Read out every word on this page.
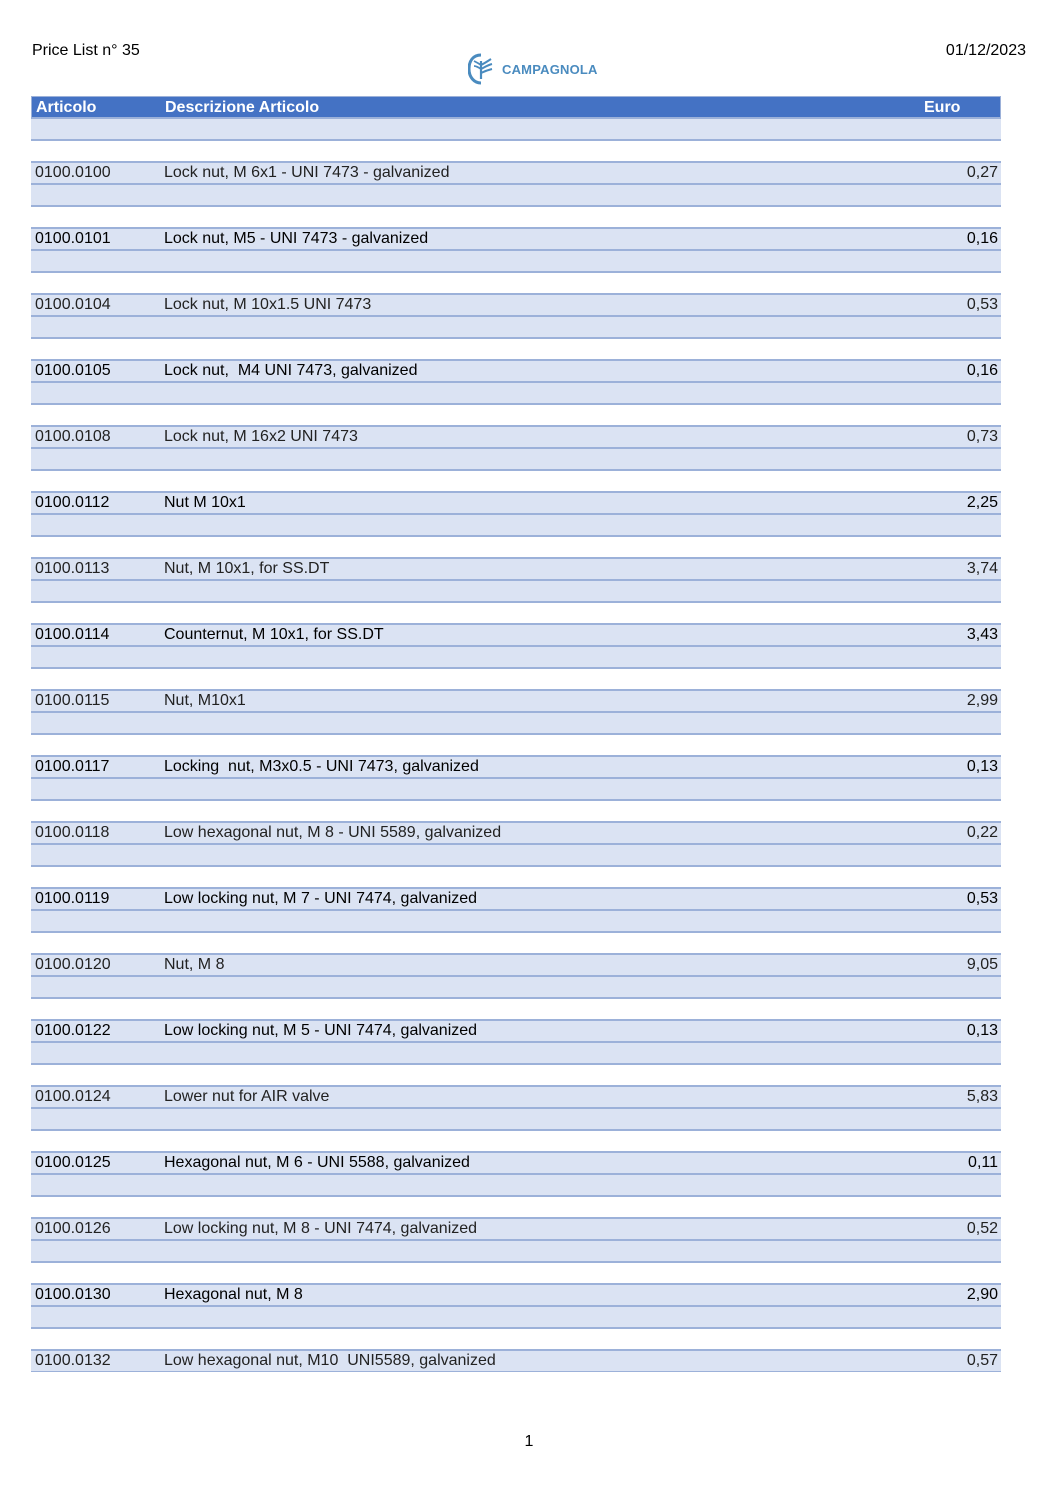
Price List n° 35	01/12/2023
CAMPAGNOLA
Articolo	Descrizione Articolo	Euro
0100.0100	Lock nut, M 6x1 - UNI 7473 - galvanized	0,27
0100.0101	Lock nut, M5 - UNI 7473 - galvanized	0,16
0100.0104	Lock nut, M 10x1.5 UNI 7473	0,53
0100.0105	Lock nut,  M4 UNI 7473, galvanized	0,16
0100.0108	Lock nut, M 16x2 UNI 7473	0,73
0100.0112	Nut M 10x1	2,25
0100.0113	Nut, M 10x1, for SS.DT	3,74
0100.0114	Counternut, M 10x1, for SS.DT	3,43
0100.0115	Nut, M10x1	2,99
0100.0117	Locking  nut, M3x0.5 - UNI 7473, galvanized	0,13
0100.0118	Low hexagonal nut, M 8 - UNI 5589, galvanized	0,22
0100.0119	Low locking nut, M 7 - UNI 7474, galvanized	0,53
0100.0120	Nut, M 8	9,05
0100.0122	Low locking nut, M 5 - UNI 7474, galvanized	0,13
0100.0124	Lower nut for AIR valve	5,83
0100.0125	Hexagonal nut, M 6 - UNI 5588, galvanized	0,11
0100.0126	Low locking nut, M 8 - UNI 7474, galvanized	0,52
0100.0130	Hexagonal nut, M 8	2,90
0100.0132	Low hexagonal nut, M10  UNI5589, galvanized	0,57
1
